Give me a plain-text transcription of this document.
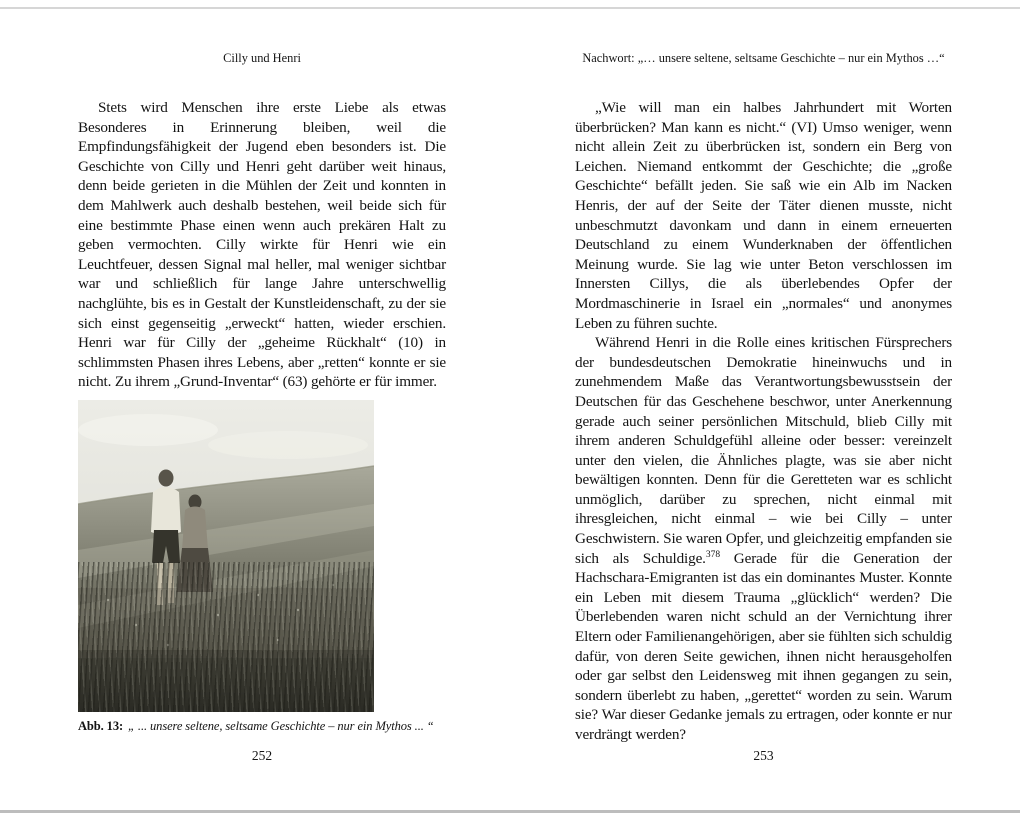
Cilly und Henri

Stets wird Menschen ihre erste Liebe als etwas Besonderes in Erinnerung bleiben, weil die Empfindungsfähigkeit der Jugend eben besonders ist. Die Geschichte von Cilly und Henri geht darüber weit hinaus, denn beide gerieten in die Mühlen der Zeit und konnten in dem Mahlwerk auch deshalb bestehen, weil beide sich für eine bestimmte Phase einen wenn auch prekären Halt zu geben vermochten. Cilly wirkte für Henri wie ein Leuchtfeuer, dessen Signal mal heller, mal weniger sichtbar war und schließlich für lange Jahre unterschwellig nachglühte, bis es in Gestalt der Kunstleidenschaft, zu der sie sich einst gegenseitig „erweckt“ hatten, wieder erschien. Henri war für Cilly der „geheime Rückhalt“ (10) in schlimmsten Phasen ihres Lebens, aber „retten“ konnte er sie nicht. Zu ihrem „Grund-Inventar“ (63) gehörte er für immer.

Abb. 13: „ ... unsere seltene, seltsame Geschichte – nur ein Mythos ... “
252
Nachwort: „… unsere seltene, seltsame Geschichte – nur ein Mythos …“

„Wie will man ein halbes Jahrhundert mit Worten überbrücken? Man kann es nicht.“ (VI) Umso weniger, wenn nicht allein Zeit zu überbrücken ist, sondern ein Berg von Leichen. Niemand entkommt der Geschichte; die „große Geschichte“ befällt jeden. Sie saß wie ein Alb im Nacken Henris, der auf der Seite der Täter dienen musste, nicht unbeschmutzt davonkam und dann in einem erneuerten Deutschland zu einem Wunderknaben der öffentlichen Meinung wurde. Sie lag wie unter Beton verschlossen im Innersten Cillys, die als überlebendes Opfer der Mordmaschinerie in Israel ein „normales“ und anonymes Leben zu führen suchte.

Während Henri in die Rolle eines kritischen Fürsprechers der bundesdeutschen Demokratie hineinwuchs und in zunehmendem Maße das Verantwortungsbewusstsein der Deutschen für das Geschehene beschwor, unter Anerkennung gerade auch seiner persönlichen Mitschuld, blieb Cilly mit ihrem anderen Schuldgefühl alleine oder besser: vereinzelt unter den vielen, die Ähnliches plagte, was sie aber nicht bewältigen konnten. Denn für die Geretteten war es schlicht unmöglich, darüber zu sprechen, nicht einmal mit ihresgleichen, nicht einmal – wie bei Cilly – unter Geschwistern. Sie waren Opfer, und gleichzeitig empfanden sie sich als Schuldige.$^{378}$ Gerade für die Generation der Hachschara-Emigranten ist das ein dominantes Muster. Konnte ein Leben mit diesem Trauma „glücklich“ werden? Die Überlebenden waren nicht schuld an der Vernichtung ihrer Eltern oder Familienangehörigen, aber sie fühlten sich schuldig dafür, von deren Seite gewichen, ihnen nicht herausgeholfen oder gar selbst den Leidensweg mit ihnen gegangen zu sein, sondern überlebt zu haben, „gerettet“ worden zu sein. Warum sie? War dieser Gedanke jemals zu ertragen, oder konnte er nur verdrängt werden?

253
